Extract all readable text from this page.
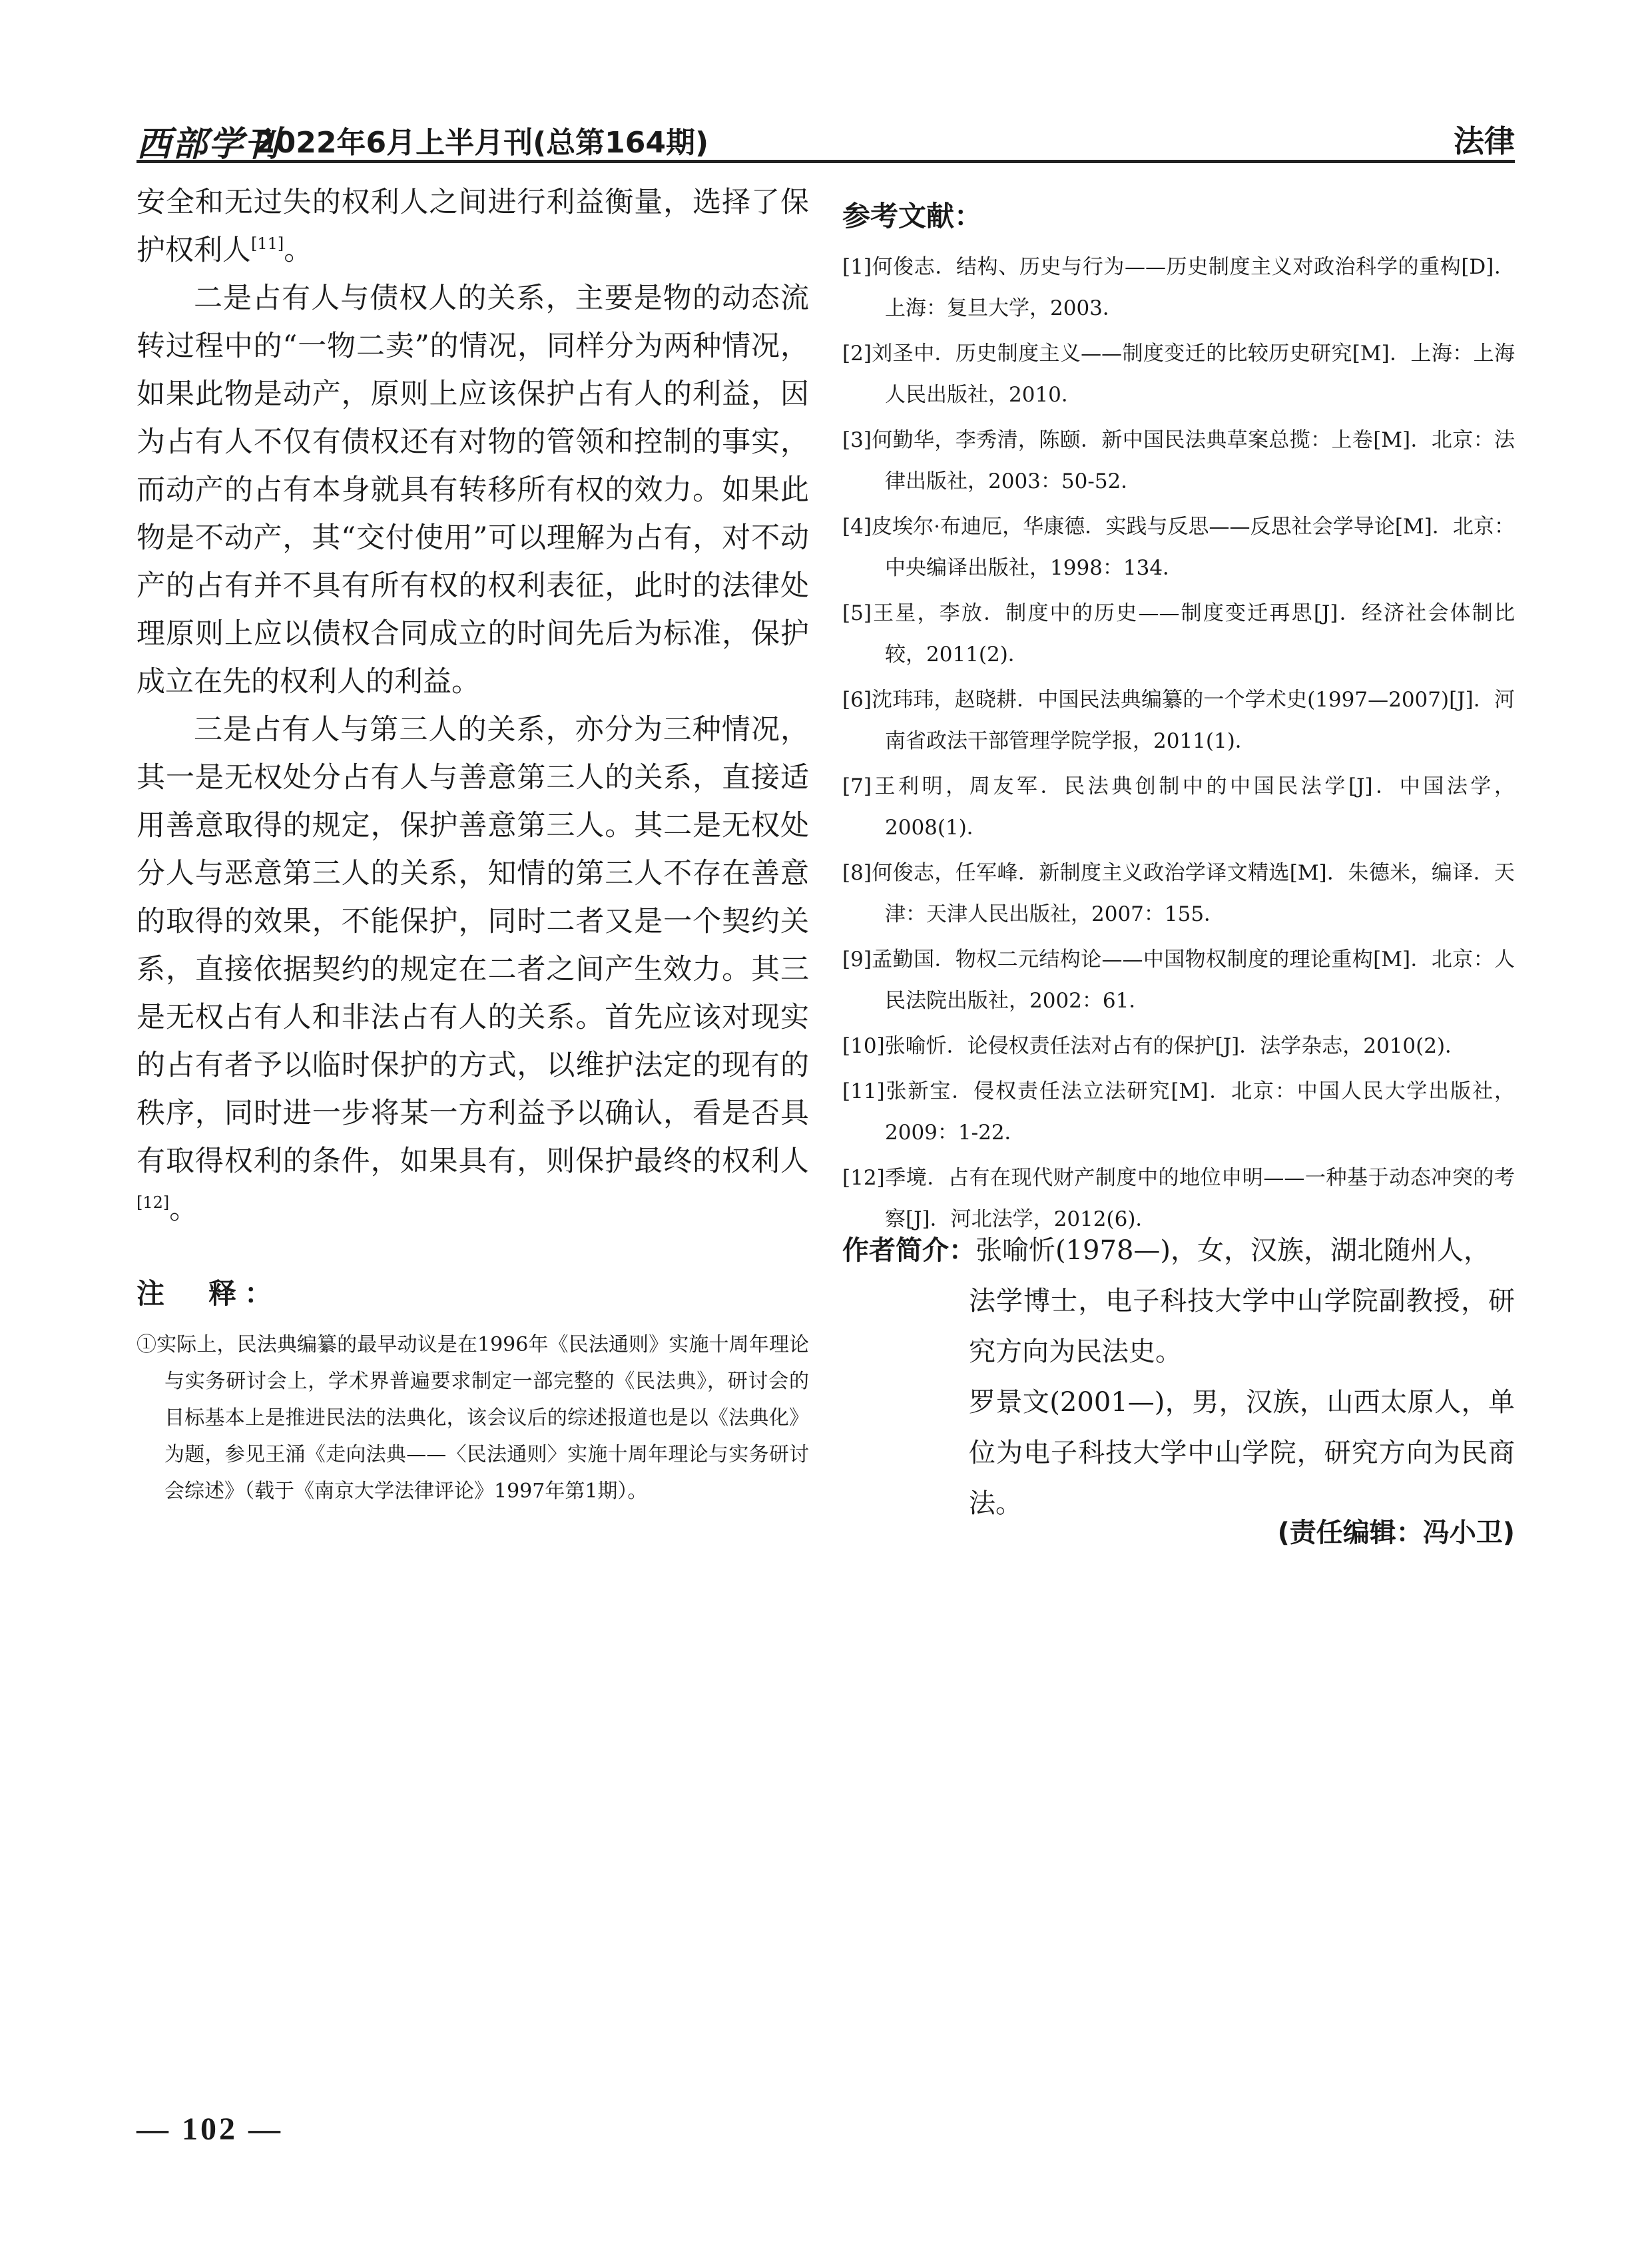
西部学刊
2022年6月上半月刊(总第164期)	法律

安全和无过失的权利人之间进行利益衡量，选择了保护权利人[11]。

二是占有人与债权人的关系，主要是物的动态流转过程中的“一物二卖”的情况，同样分为两种情况，如果此物是动产，原则上应该保护占有人的利益，因为占有人不仅有债权还有对物的管领和控制的事实，而动产的占有本身就具有转移所有权的效力。如果此物是不动产，其“交付使用”可以理解为占有，对不动产的占有并不具有所有权的权利表征，此时的法律处理原则上应以债权合同成立的时间先后为标准，保护成立在先的权利人的利益。

三是占有人与第三人的关系，亦分为三种情况，其一是无权处分占有人与善意第三人的关系，直接适用善意取得的规定，保护善意第三人。其二是无权处分人与恶意第三人的关系，知情的第三人不存在善意的取得的效果，不能保护，同时二者又是一个契约关系，直接依据契约的规定在二者之间产生效力。其三是无权占有人和非法占有人的关系。首先应该对现实的占有者予以临时保护的方式，以维护法定的现有的秩序，同时进一步将某一方利益予以确认，看是否具有取得权利的条件，如果具有，则保护最终的权利人[12]。

注　释：

①实际上，民法典编纂的最早动议是在1996年《民法通则》实施十周年理论与实务研讨会上，学术界普遍要求制定一部完整的《民法典》，研讨会的目标基本上是推进民法的法典化，该会议后的综述报道也是以《法典化》为题，参见王涌《走向法典——〈民法通则〉实施十周年理论与实务研讨会综述》（载于《南京大学法律评论》1997年第1期）。

参考文献：

[1]何俊志．结构、历史与行为——历史制度主义对政治科学的重构[D]．上海：复旦大学，2003．

[2]刘圣中．历史制度主义——制度变迁的比较历史研究[M]．上海：上海人民出版社，2010．

[3]何勤华，李秀清，陈颐．新中国民法典草案总揽：上卷[M]．北京：法律出版社，2003：50-52．

[4]皮埃尔·布迪厄，华康德．实践与反思——反思社会学导论[M]．北京：中央编译出版社，1998：134．

[5]王星，李放．制度中的历史——制度变迁再思[J]．经济社会体制比较，2011(2)．

[6]沈玮玮，赵晓耕．中国民法典编纂的一个学术史(1997—2007)[J]．河南省政法干部管理学院学报，2011(1)．

[7]王利明，周友军．民法典创制中的中国民法学[J]．中国法学，2008(1)．

[8]何俊志，任军峰．新制度主义政治学译文精选[M]．朱德米，编译．天津：天津人民出版社，2007：155．

[9]孟勤国．物权二元结构论——中国物权制度的理论重构[M]．北京：人民法院出版社，2002：61．

[10]张喻忻．论侵权责任法对占有的保护[J]．法学杂志，2010(2)．

[11]张新宝．侵权责任法立法研究[M]．北京：中国人民大学出版社，2009：1-22．

[12]季境．占有在现代财产制度中的地位申明——一种基于动态冲突的考察[J]．河北法学，2012(6)．

作者简介：张喻忻(1978—)，女，汉族，湖北随州人，

法学博士，电子科技大学中山学院副教授，研究方向为民法史。

罗景文(2001—)，男，汉族，山西太原人，单位为电子科技大学中山学院，研究方向为民商法。

(责任编辑：冯小卫)
— 102 —
